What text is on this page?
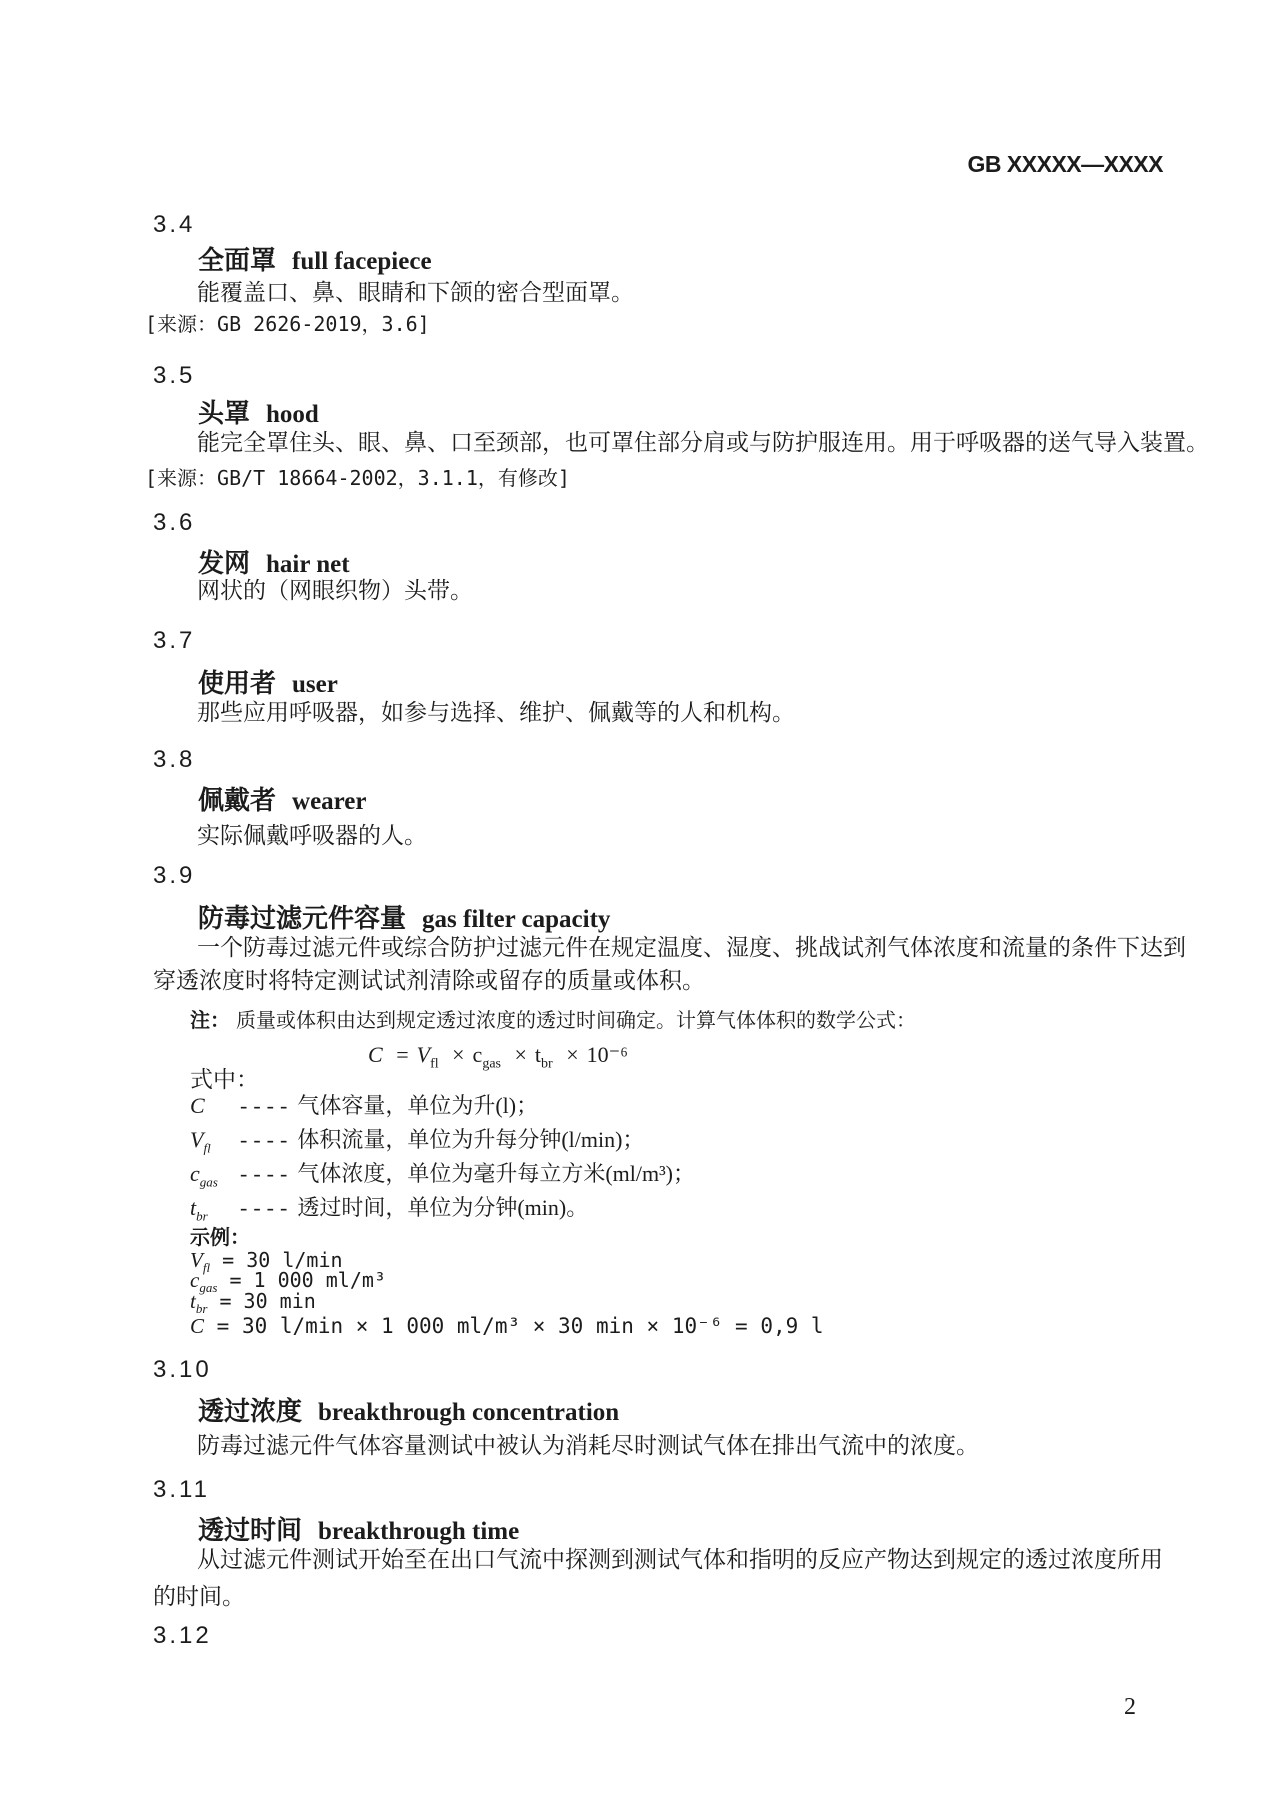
GB XXXXX—XXXX
3.4
全面罩 full facepiece
能覆盖口、鼻、眼睛和下颌的密合型面罩。
[来源：GB 2626-2019，3.6]
3.5
头罩 hood
能完全罩住头、眼、鼻、口至颈部，也可罩住部分肩或与防护服连用。用于呼吸器的送气导入装置。
[来源：GB/T 18664-2002，3.1.1，有修改]
3.6
发网 hair net
网状的（网眼织物）头带。
3.7
使用者 user
那些应用呼吸器，如参与选择、维护、佩戴等的人和机构。
3.8
佩戴者 wearer
实际佩戴呼吸器的人。
3.9
防毒过滤元件容量 gas filter capacity
一个防毒过滤元件或综合防护过滤元件在规定温度、湿度、挑战试剂气体浓度和流量的条件下达到
穿透浓度时将特定测试试剂清除或留存的质量或体积。
注： 质量或体积由达到规定透过浓度的透过时间确定。计算气体体积的数学公式：
$C = V_{fl} \times c_{gas} \times t_{br} \times 10^{-6}$
式中：
C ---- 气体容量，单位为升(l)；
$V_{fl}$ ---- 体积流量，单位为升每分钟(l/min)；
$c_{gas}$ ---- 气体浓度，单位为毫升每立方米(ml/m³)；
$t_{br}$ ---- 透过时间，单位为分钟(min)。
示例：
$V_{fl} = 30$ l/min
$c_{gas} = 1$ 000 ml/m³
$t_{br} = 30$ min
C = 30 l/min × 1 000 ml/m³ × 30 min × 10⁻⁶ = 0,9 l
3.10
透过浓度 breakthrough concentration
防毒过滤元件气体容量测试中被认为消耗尽时测试气体在排出气流中的浓度。
3.11
透过时间 breakthrough time
从过滤元件测试开始至在出口气流中探测到测试气体和指明的反应产物达到规定的透过浓度所用
的时间。
3.12
2
